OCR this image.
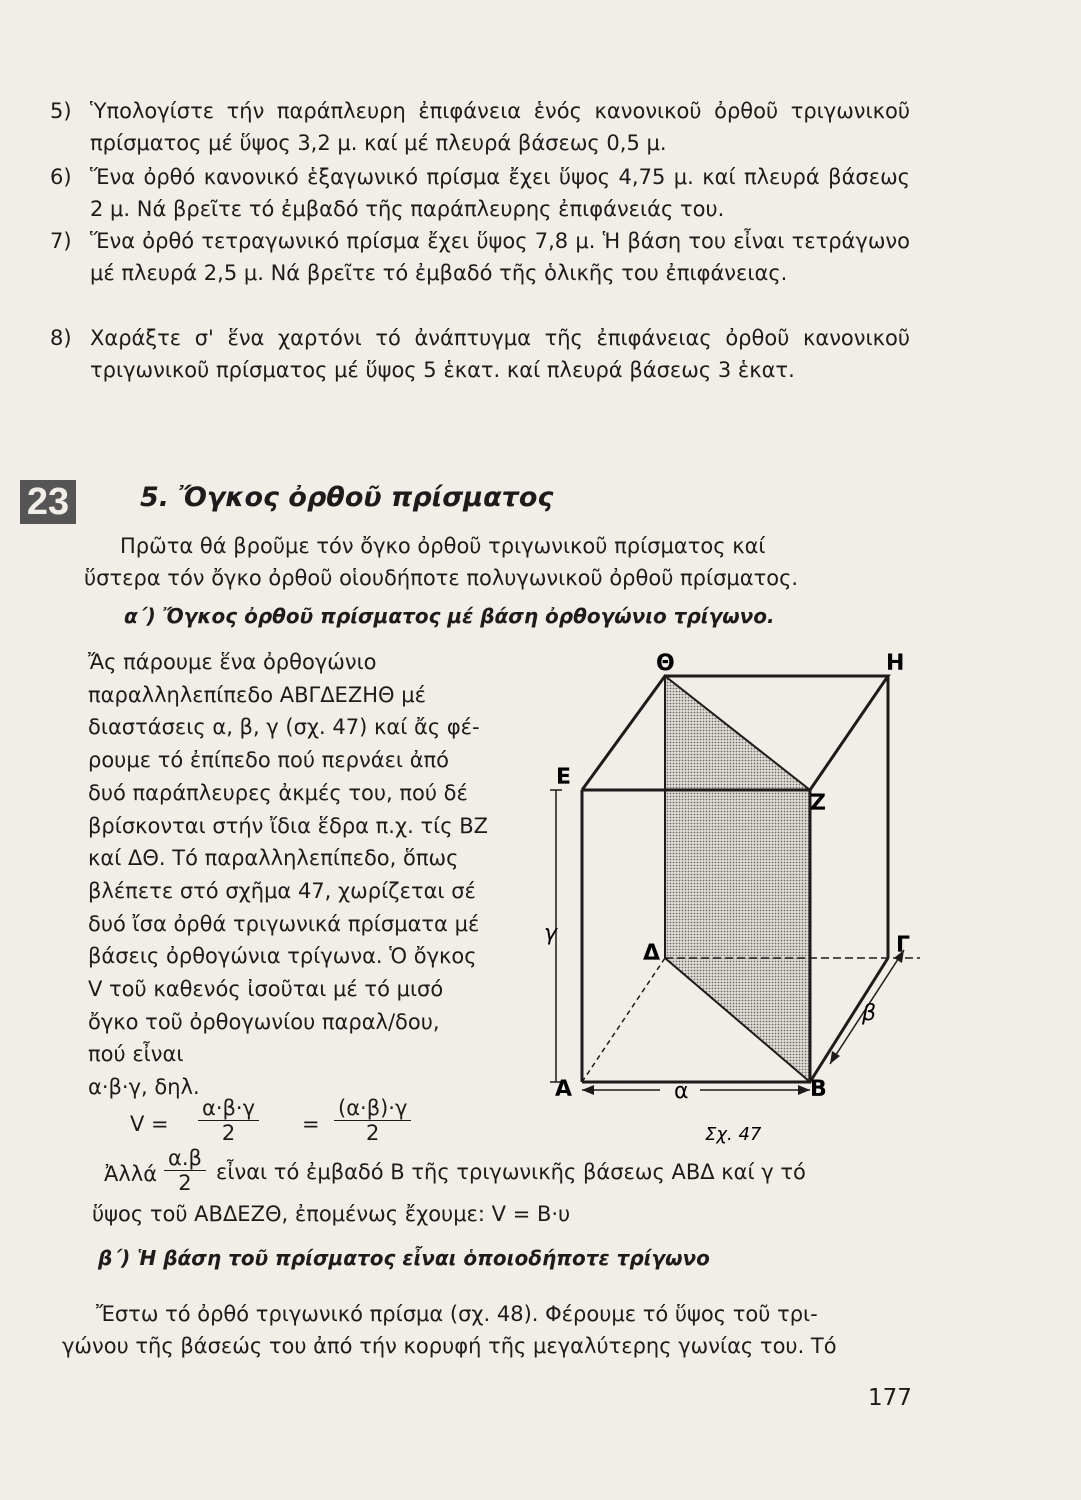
5) Ὑπολογίστε τήν παράπλευρη ἐπιφάνεια ἑνός κανονικοῦ ὀρθοῦ τριγωνικοῦ πρίσματος μέ ὕψος 3,2 μ. καί μέ πλευρά βάσεως 0,5 μ.
6) Ἕνα ὀρθό κανονικό ἑξαγωνικό πρίσμα ἔχει ὕψος 4,75 μ. καί πλευρά βάσεως 2 μ. Νά βρεῖτε τό ἐμβαδό τῆς παράπλευρης ἐπιφάνειάς του.
7) Ἕνα ὀρθό τετραγωνικό πρίσμα ἔχει ὕψος 7,8 μ. Ἡ βάση του εἶναι τετράγωνο μέ πλευρά 2,5 μ. Νά βρεῖτε τό ἐμβαδό τῆς ὁλικῆς του ἐπιφάνειας.
8) Χαράξτε σ' ἕνα χαρτόνι τό ἀνάπτυγμα τῆς ἐπιφάνειας ὀρθοῦ κανονικοῦ τριγωνικοῦ πρίσματος μέ ὕψος 5 ἑκατ. καί πλευρά βάσεως 3 ἑκατ.
23	5. Ὄγκος ὀρθοῦ πρίσματος
Πρῶτα θά βροῦμε τόν ὄγκο ὀρθοῦ τριγωνικοῦ πρίσματος καί
ὕστερα τόν ὄγκο ὀρθοῦ οἱουδήποτε πολυγωνικοῦ ὀρθοῦ πρίσματος.
α΄) Ὄγκος ὀρθοῦ πρίσματος μέ βάση ὀρθογώνιο τρίγωνο.
Ἄς πάρουμε ἕνα ὀρθογώνιο
παραλληλεπίπεδο ΑΒΓΔΕΖΗΘ μέ
διαστάσεις α, β, γ (σχ. 47) καί ἄς φέ-
ρουμε τό ἐπίπεδο πού περνάει ἀπό
δυό παράπλευρες ἀκμές του, πού δέ
βρίσκονται στήν ἴδια ἕδρα π.χ. τίς ΒΖ
καί ΔΘ. Τό παραλληλεπίπεδο, ὅπως
βλέπετε στό σχῆμα 47, χωρίζεται σέ
δυό ἴσα ὀρθά τριγωνικά πρίσματα μέ
βάσεις ὀρθογώνια τρίγωνα. Ὁ ὄγκος
V τοῦ καθενός ἰσοῦται μέ τό μισό
ὄγκο τοῦ ὀρθογωνίου παραλ/δου,
πού εἶναι
α·β·γ, δηλ.
Θ	Η
Ε
Ζ
Δ	Γ
Α	Β
α
β
γ
Σχ. 47
$V = \frac{\alpha\cdot\beta\cdot\gamma}{2} = \frac{(\alpha\cdot\beta)\cdot\gamma}{2}$
Ἀλλά $\frac{\alpha.\beta}{2}$ εἶναι τό ἐμβαδό Β τῆς τριγωνικῆς βάσεως ΑΒΔ καί γ τό
ὕψος τοῦ ΑΒΔΕΖΘ, ἐπομένως ἔχουμε: V = B·υ
β΄) Ἡ βάση τοῦ πρίσματος εἶναι ὁποιοδήποτε τρίγωνο
Ἔστω τό ὀρθό τριγωνικό πρίσμα (σχ. 48). Φέρουμε τό ὕψος τοῦ τρι-
γώνου τῆς βάσεώς του ἀπό τήν κορυφή τῆς μεγαλύτερης γωνίας του. Τό
177
